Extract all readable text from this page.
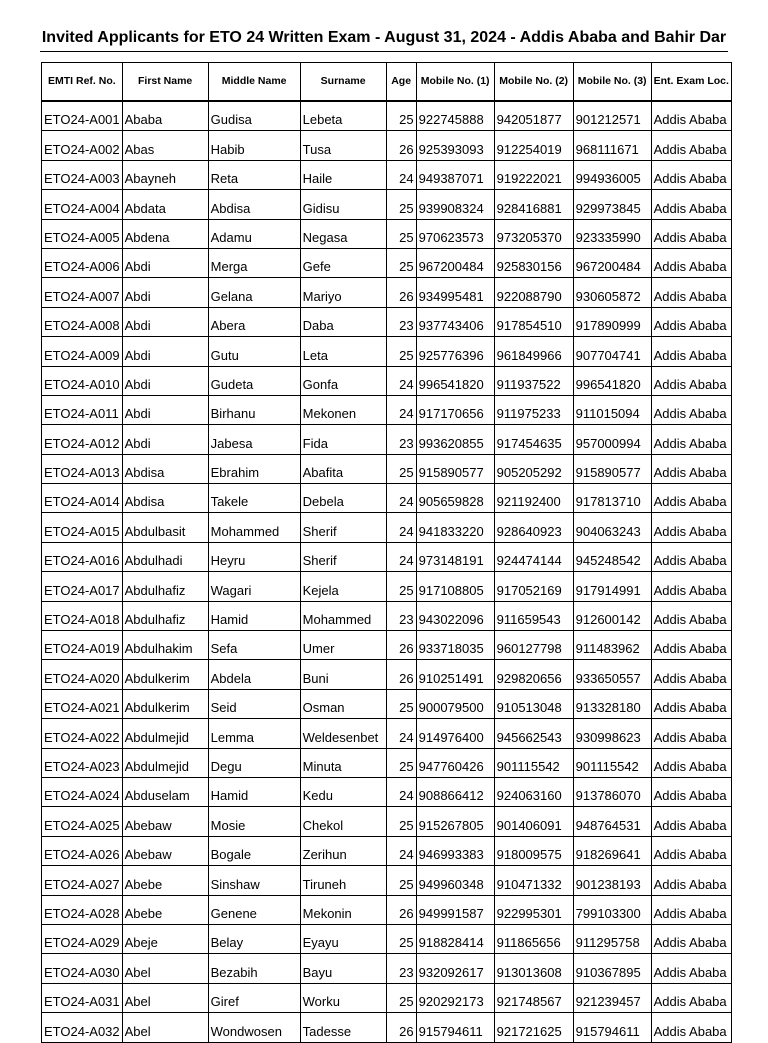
Invited Applicants for ETO 24 Written Exam - August 31, 2024 - Addis Ababa and Bahir Dar
EMTI Ref. No.	First Name	Middle Name	Surname	Age	Mobile No. (1)	Mobile No. (2)	Mobile No. (3)	Ent. Exam Loc.
ETO24-A001	Ababa	Gudisa	Lebeta	25	922745888	942051877	901212571	Addis Ababa
ETO24-A002	Abas	Habib	Tusa	26	925393093	912254019	968111671	Addis Ababa
ETO24-A003	Abayneh	Reta	Haile	24	949387071	919222021	994936005	Addis Ababa
ETO24-A004	Abdata	Abdisa	Gidisu	25	939908324	928416881	929973845	Addis Ababa
ETO24-A005	Abdena	Adamu	Negasa	25	970623573	973205370	923335990	Addis Ababa
ETO24-A006	Abdi	Merga	Gefe	25	967200484	925830156	967200484	Addis Ababa
ETO24-A007	Abdi	Gelana	Mariyo	26	934995481	922088790	930605872	Addis Ababa
ETO24-A008	Abdi	Abera	Daba	23	937743406	917854510	917890999	Addis Ababa
ETO24-A009	Abdi	Gutu	Leta	25	925776396	961849966	907704741	Addis Ababa
ETO24-A010	Abdi	Gudeta	Gonfa	24	996541820	911937522	996541820	Addis Ababa
ETO24-A011	Abdi	Birhanu	Mekonen	24	917170656	911975233	911015094	Addis Ababa
ETO24-A012	Abdi	Jabesa	Fida	23	993620855	917454635	957000994	Addis Ababa
ETO24-A013	Abdisa	Ebrahim	Abafita	25	915890577	905205292	915890577	Addis Ababa
ETO24-A014	Abdisa	Takele	Debela	24	905659828	921192400	917813710	Addis Ababa
ETO24-A015	Abdulbasit	Mohammed	Sherif	24	941833220	928640923	904063243	Addis Ababa
ETO24-A016	Abdulhadi	Heyru	Sherif	24	973148191	924474144	945248542	Addis Ababa
ETO24-A017	Abdulhafiz	Wagari	Kejela	25	917108805	917052169	917914991	Addis Ababa
ETO24-A018	Abdulhafiz	Hamid	Mohammed	23	943022096	911659543	912600142	Addis Ababa
ETO24-A019	Abdulhakim	Sefa	Umer	26	933718035	960127798	911483962	Addis Ababa
ETO24-A020	Abdulkerim	Abdela	Buni	26	910251491	929820656	933650557	Addis Ababa
ETO24-A021	Abdulkerim	Seid	Osman	25	900079500	910513048	913328180	Addis Ababa
ETO24-A022	Abdulmejid	Lemma	Weldesenbet	24	914976400	945662543	930998623	Addis Ababa
ETO24-A023	Abdulmejid	Degu	Minuta	25	947760426	901115542	901115542	Addis Ababa
ETO24-A024	Abduselam	Hamid	Kedu	24	908866412	924063160	913786070	Addis Ababa
ETO24-A025	Abebaw	Mosie	Chekol	25	915267805	901406091	948764531	Addis Ababa
ETO24-A026	Abebaw	Bogale	Zerihun	24	946993383	918009575	918269641	Addis Ababa
ETO24-A027	Abebe	Sinshaw	Tiruneh	25	949960348	910471332	901238193	Addis Ababa
ETO24-A028	Abebe	Genene	Mekonin	26	949991587	922995301	799103300	Addis Ababa
ETO24-A029	Abeje	Belay	Eyayu	25	918828414	911865656	911295758	Addis Ababa
ETO24-A030	Abel	Bezabih	Bayu	23	932092617	913013608	910367895	Addis Ababa
ETO24-A031	Abel	Giref	Worku	25	920292173	921748567	921239457	Addis Ababa
ETO24-A032	Abel	Wondwosen	Tadesse	26	915794611	921721625	915794611	Addis Ababa
